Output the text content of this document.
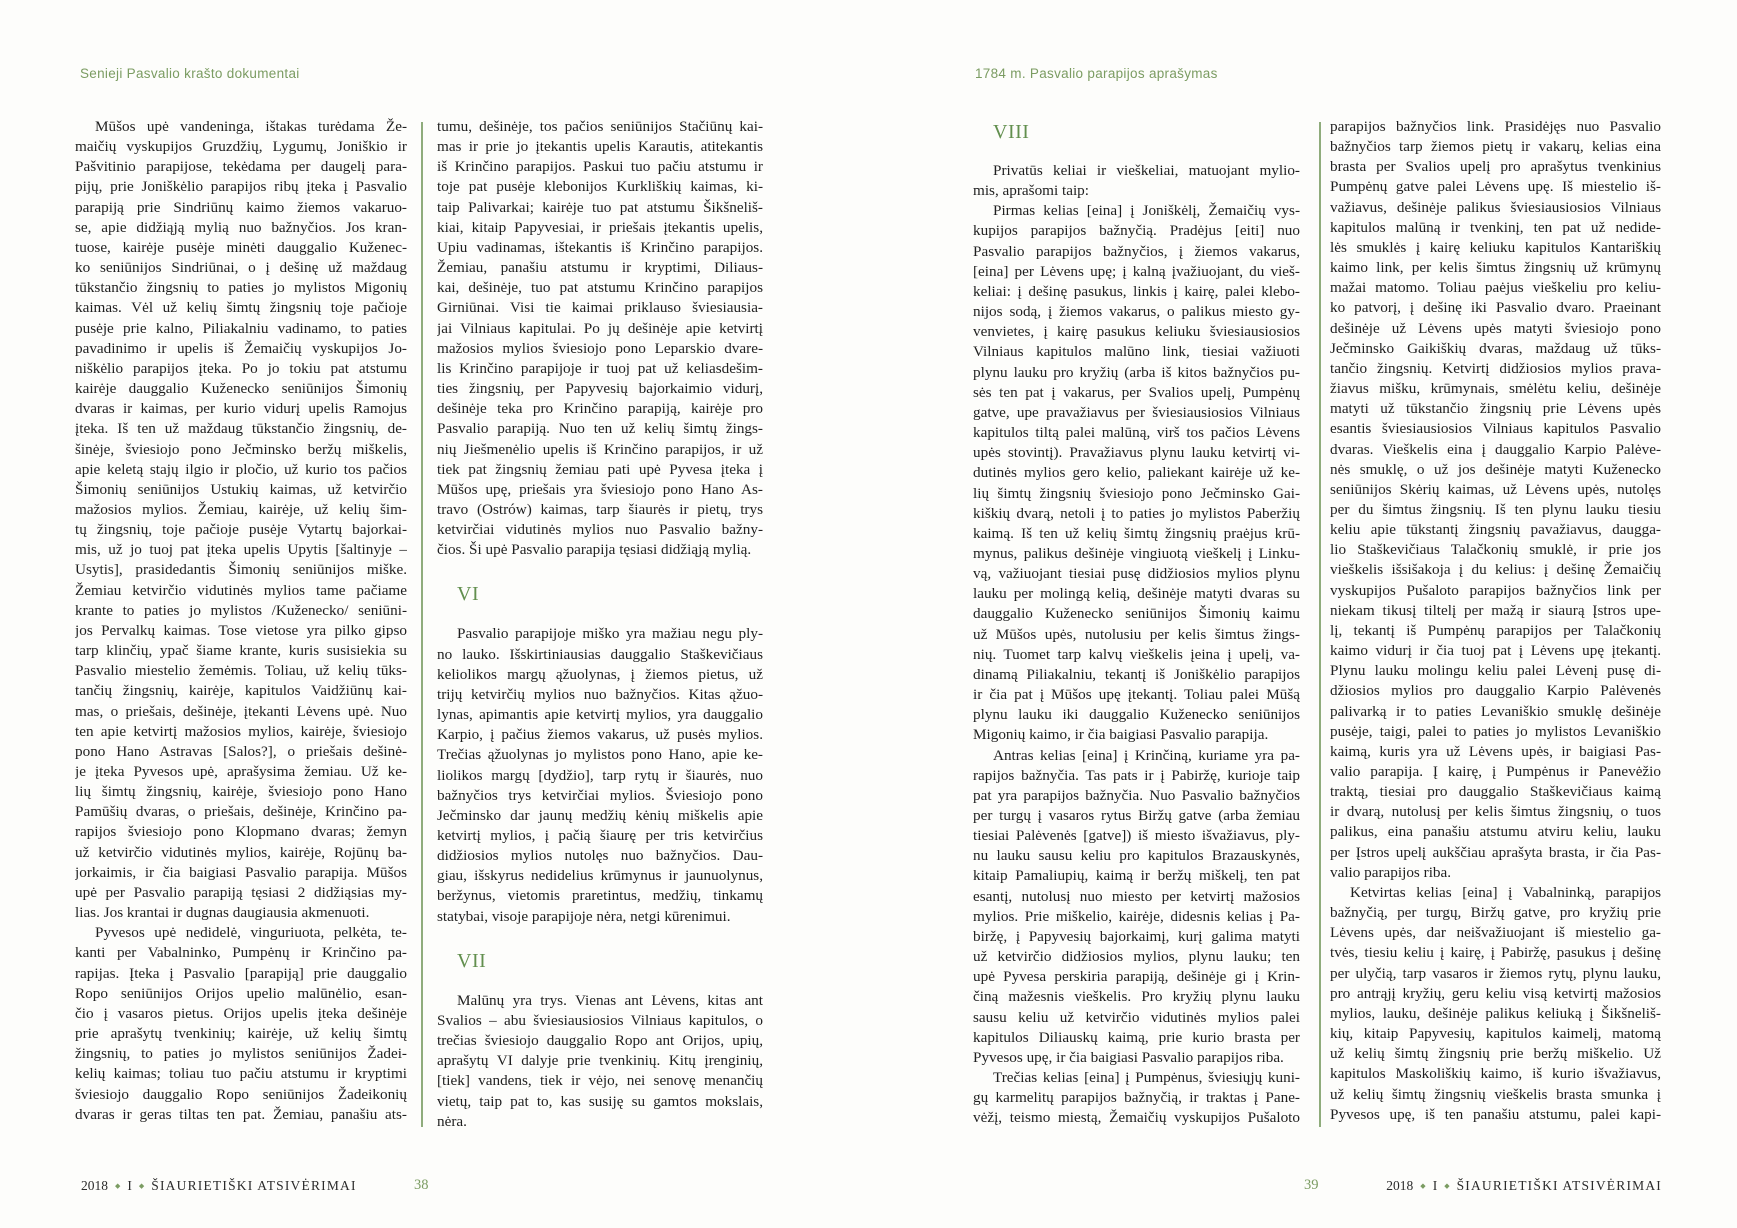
Senieji Pasvalio krašto dokumentai	1784 m. Pasvalio parapijos aprašymas
Mūšos upė vandeninga, ištakas turėdama Že-
maičių vyskupijos Gruzdžių, Lygumų, Joniškio ir
Pašvitinio parapijose, tekėdama per daugelį para-
pijų, prie Joniškėlio parapijos ribų įteka į Pasvalio
parapiją prie Sindriūnų kaimo žiemos vakaruo-
se, apie didžiąją mylią nuo bažnyčios. Jos kran-
tuose, kairėje pusėje minėti dauggalio Kuženec-
ko seniūnijos Sindriūnai, o į dešinę už maždaug
tūkstančio žingsnių to paties jo mylistos Migonių
kaimas. Vėl už kelių šimtų žingsnių toje pačioje
pusėje prie kalno, Piliakalniu vadinamo, to paties
pavadinimo ir upelis iš Žemaičių vyskupijos Jo-
niškėlio parapijos įteka. Po jo tokiu pat atstumu
kairėje dauggalio Kuženecko seniūnijos Šimonių
dvaras ir kaimas, per kurio vidurį upelis Ramojus
įteka. Iš ten už maždaug tūkstančio žingsnių, de-
šinėje, šviesiojo pono Ječminsko beržų miškelis,
apie keletą stajų ilgio ir pločio, už kurio tos pačios
Šimonių seniūnijos Ustukių kaimas, už ketvirčio
mažosios mylios. Žemiau, kairėje, už kelių šim-
tų žingsnių, toje pačioje pusėje Vytartų bajorkai-
mis, už jo tuoj pat įteka upelis Upytis [šaltinyje –
Usytis], prasidedantis Šimonių seniūnijos miške.
Žemiau ketvirčio vidutinės mylios tame pačiame
krante to paties jo mylistos /Kuženecko/ seniūni-
jos Pervalkų kaimas. Tose vietose yra pilko gipso
tarp klinčių, ypač šiame krante, kuris susisiekia su
Pasvalio miestelio žemėmis. Toliau, už kelių tūks-
tančių žingsnių, kairėje, kapitulos Vaidžiūnų kai-
mas, o priešais, dešinėje, įtekanti Lėvens upė. Nuo
ten apie ketvirtį mažosios mylios, kairėje, šviesiojo
pono Hano Astravas [Salos?], o priešais dešinė-
je įteka Pyvesos upė, aprašysima žemiau. Už ke-
lių šimtų žingsnių, kairėje, šviesiojo pono Hano
Pamūšių dvaras, o priešais, dešinėje, Krinčino pa-
rapijos šviesiojo pono Klopmano dvaras; žemyn
už ketvirčio vidutinės mylios, kairėje, Rojūnų ba-
jorkaimis, ir čia baigiasi Pasvalio parapija. Mūšos
upė per Pasvalio parapiją tęsiasi 2 didžiąsias my-
lias. Jos krantai ir dugnas daugiausia akmenuoti.
Pyvesos upė nedidelė, vinguriuota, pelkėta, te-
kanti per Vabalninko, Pumpėnų ir Krinčino pa-
rapijas. Įteka į Pasvalio [parapiją] prie dauggalio
Ropo seniūnijos Orijos upelio malūnėlio, esan-
čio į vasaros pietus. Orijos upelis įteka dešinėje
prie aprašytų tvenkinių; kairėje, už kelių šimtų
žingsnių, to paties jo mylistos seniūnijos Žadei-
kelių kaimas; toliau tuo pačiu atstumu ir kryptimi
šviesiojo dauggalio Ropo seniūnijos Žadeikonių
dvaras ir geras tiltas ten pat. Žemiau, panašiu ats-
tumu, dešinėje, tos pačios seniūnijos Stačiūnų kai-
mas ir prie jo įtekantis upelis Karautis, atitekantis
iš Krinčino parapijos. Paskui tuo pačiu atstumu ir
toje pat pusėje klebonijos Kurkliškių kaimas, ki-
taip Palivarkai; kairėje tuo pat atstumu Šikšneliš-
kiai, kitaip Papyvesiai, ir priešais įtekantis upelis,
Upiu vadinamas, ištekantis iš Krinčino parapijos.
Žemiau, panašiu atstumu ir kryptimi, Diliaus-
kai, dešinėje, tuo pat atstumu Krinčino parapijos
Girniūnai. Visi tie kaimai priklauso šviesiausia-
jai Vilniaus kapitulai. Po jų dešinėje apie ketvirtį
mažosios mylios šviesiojo pono Leparskio dvare-
lis Krinčino parapijoje ir tuoj pat už keliasdešim-
ties žingsnių, per Papyvesių bajorkaimio vidurį,
dešinėje teka pro Krinčino parapiją, kairėje pro
Pasvalio parapiją. Nuo ten už kelių šimtų žings-
nių Jiešmenėlio upelis iš Krinčino parapijos, ir už
tiek pat žingsnių žemiau pati upė Pyvesa įteka į
Mūšos upę, priešais yra šviesiojo pono Hano As-
travo (Ostrów) kaimas, tarp šiaurės ir pietų, trys
ketvirčiai vidutinės mylios nuo Pasvalio bažny-
čios. Ši upė Pasvalio parapija tęsiasi didžiąją mylią.
VI
Pasvalio parapijoje miško yra mažiau negu ply-
no lauko. Išskirtiniausias dauggalio Staškevičiaus
keliolikos margų ąžuolynas, į žiemos pietus, už
trijų ketvirčių mylios nuo bažnyčios. Kitas ąžuo-
lynas, apimantis apie ketvirtį mylios, yra dauggalio
Karpio, į pačius žiemos vakarus, už pusės mylios.
Trečias ąžuolynas jo mylistos pono Hano, apie ke-
liolikos margų [dydžio], tarp rytų ir šiaurės, nuo
bažnyčios trys ketvirčiai mylios. Šviesiojo pono
Ječminsko dar jaunų medžių kėnių miškelis apie
ketvirtį mylios, į pačią šiaurę per tris ketvirčius
didžiosios mylios nutolęs nuo bažnyčios. Dau-
giau, išskyrus nedidelius krūmynus ir jaunuolynus,
beržynus, vietomis praretintus, medžių, tinkamų
statybai, visoje parapijoje nėra, netgi kūrenimui.
VII
Malūnų yra trys. Vienas ant Lėvens, kitas ant
Svalios – abu šviesiausiosios Vilniaus kapitulos, o
trečias šviesiojo dauggalio Ropo ant Orijos, upių,
aprašytų VI dalyje prie tvenkinių. Kitų įrenginių,
[tiek] vandens, tiek ir vėjo, nei senovę menančių
vietų, taip pat to, kas susiję su gamtos mokslais,
nėra.
VIII
Privatūs keliai ir vieškeliai, matuojant mylio-
mis, aprašomi taip:
Pirmas kelias [eina] į Joniškėlį, Žemaičių vys-
kupijos parapijos bažnyčią. Pradėjus [eiti] nuo
Pasvalio parapijos bažnyčios, į žiemos vakarus,
[eina] per Lėvens upę; į kalną įvažiuojant, du vieš-
keliai: į dešinę pasukus, linkis į kairę, palei klebo-
nijos sodą, į žiemos vakarus, o palikus miesto gy-
venvietes, į kairę pasukus keliuku šviesiausiosios
Vilniaus kapitulos malūno link, tiesiai važiuoti
plynu lauku pro kryžių (arba iš kitos bažnyčios pu-
sės ten pat į vakarus, per Svalios upelį, Pumpėnų
gatve, upe pravažiavus per šviesiausiosios Vilniaus
kapitulos tiltą palei malūną, virš tos pačios Lėvens
upės stovintį). Pravažiavus plynu lauku ketvirtį vi-
dutinės mylios gero kelio, paliekant kairėje už ke-
lių šimtų žingsnių šviesiojo pono Ječminsko Gai-
kiškių dvarą, netoli į to paties jo mylistos Paberžių
kaimą. Iš ten už kelių šimtų žingsnių praėjus krū-
mynus, palikus dešinėje vingiuotą vieškelį į Linku-
vą, važiuojant tiesiai pusę didžiosios mylios plynu
lauku per molingą kelią, dešinėje matyti dvaras su
dauggalio Kuženecko seniūnijos Šimonių kaimu
už Mūšos upės, nutolusiu per kelis šimtus žings-
nių. Tuomet tarp kalvų vieškelis įeina į upelį, va-
dinamą Piliakalniu, tekantį iš Joniškėlio parapijos
ir čia pat į Mūšos upę įtekantį. Toliau palei Mūšą
plynu lauku iki dauggalio Kuženecko seniūnijos
Migonių kaimo, ir čia baigiasi Pasvalio parapija.
Antras kelias [eina] į Krinčiną, kuriame yra pa-
rapijos bažnyčia. Tas pats ir į Pabiržę, kurioje taip
pat yra parapijos bažnyčia. Nuo Pasvalio bažnyčios
per turgų į vasaros rytus Biržų gatve (arba žemiau
tiesiai Palėvenės [gatve]) iš miesto išvažiavus, ply-
nu lauku sausu keliu pro kapitulos Brazauskynės,
kitaip Pamaliupių, kaimą ir beržų miškelį, ten pat
esantį, nutolusį nuo miesto per ketvirtį mažosios
mylios. Prie miškelio, kairėje, didesnis kelias į Pa-
biržę, į Papyvesių bajorkaimį, kurį galima matyti
už ketvirčio didžiosios mylios, plynu lauku; ten
upė Pyvesa perskiria parapiją, dešinėje gi į Krin-
činą mažesnis vieškelis. Pro kryžių plynu lauku
sausu keliu už ketvirčio vidutinės mylios palei
kapitulos Diliauskų kaimą, prie kurio brasta per
Pyvesos upę, ir čia baigiasi Pasvalio parapijos riba.
Trečias kelias [eina] į Pumpėnus, šviesiųjų kuni-
gų karmelitų parapijos bažnyčią, ir traktas į Pane-
vėžį, teismo miestą, Žemaičių vyskupijos Pušaloto
parapijos bažnyčios link. Prasidėjęs nuo Pasvalio
bažnyčios tarp žiemos pietų ir vakarų, kelias eina
brasta per Svalios upelį pro aprašytus tvenkinius
Pumpėnų gatve palei Lėvens upę. Iš miestelio iš-
važiavus, dešinėje palikus šviesiausiosios Vilniaus
kapitulos malūną ir tvenkinį, ten pat už nedide-
lės smuklės į kairę keliuku kapitulos Kantariškių
kaimo link, per kelis šimtus žingsnių už krūmynų
mažai matomo. Toliau paėjus vieškeliu pro keliu-
ko patvorį, į dešinę iki Pasvalio dvaro. Praeinant
dešinėje už Lėvens upės matyti šviesiojo pono
Ječminsko Gaikiškių dvaras, maždaug už tūks-
tančio žingsnių. Ketvirtį didžiosios mylios prava-
žiavus mišku, krūmynais, smėlėtu keliu, dešinėje
matyti už tūkstančio žingsnių prie Lėvens upės
esantis šviesiausiosios Vilniaus kapitulos Pasvalio
dvaras. Vieškelis eina į dauggalio Karpio Palėve-
nės smuklę, o už jos dešinėje matyti Kuženecko
seniūnijos Skėrių kaimas, už Lėvens upės, nutolęs
per du šimtus žingsnių. Iš ten plynu lauku tiesiu
keliu apie tūkstantį žingsnių pavažiavus, daugga-
lio Staškevičiaus Talačkonių smuklė, ir prie jos
vieškelis išsišakoja į du kelius: į dešinę Žemaičių
vyskupijos Pušaloto parapijos bažnyčios link per
niekam tikusį tiltelį per mažą ir siaurą Įstros upe-
lį, tekantį iš Pumpėnų parapijos per Talačkonių
kaimo vidurį ir čia tuoj pat į Lėvens upę įtekantį.
Plynu lauku molingu keliu palei Lėvenį pusę di-
džiosios mylios pro dauggalio Karpio Palėvenės
palivarką ir to paties Levaniškio smuklę dešinėje
pusėje, taigi, palei to paties jo mylistos Levaniškio
kaimą, kuris yra už Lėvens upės, ir baigiasi Pas-
valio parapija. Į kairę, į Pumpėnus ir Panevėžio
traktą, tiesiai pro dauggalio Staškevičiaus kaimą
ir dvarą, nutolusį per kelis šimtus žingsnių, o tuos
palikus, eina panašiu atstumu atviru keliu, lauku
per Įstros upelį aukščiau aprašyta brasta, ir čia Pas-
valio parapijos riba.
Ketvirtas kelias [eina] į Vabalninką, parapijos
bažnyčią, per turgų, Biržų gatve, pro kryžių prie
Lėvens upės, dar neišvažiuojant iš miestelio ga-
tvės, tiesiu keliu į kairę, į Pabiržę, pasukus į dešinę
per ulyčią, tarp vasaros ir žiemos rytų, plynu lauku,
pro antrąjį kryžių, geru keliu visą ketvirtį mažosios
mylios, lauku, dešinėje palikus keliuką į Šikšneliš-
kių, kitaip Papyvesių, kapitulos kaimelį, matomą
už kelių šimtų žingsnių prie beržų miškelio. Už
kapitulos Maskoliškių kaimo, iš kurio išvažiavus,
už kelių šimtų žingsnių vieškelis brasta smunka į
Pyvesos upę, iš ten panašiu atstumu, palei kapi-
2018 ◆ I ◆ ŠIAURIETIŠKI ATSIVĖRIMAI	38	39	2018 ◆ I ◆ ŠIAURIETIŠKI ATSIVĖRIMAI
